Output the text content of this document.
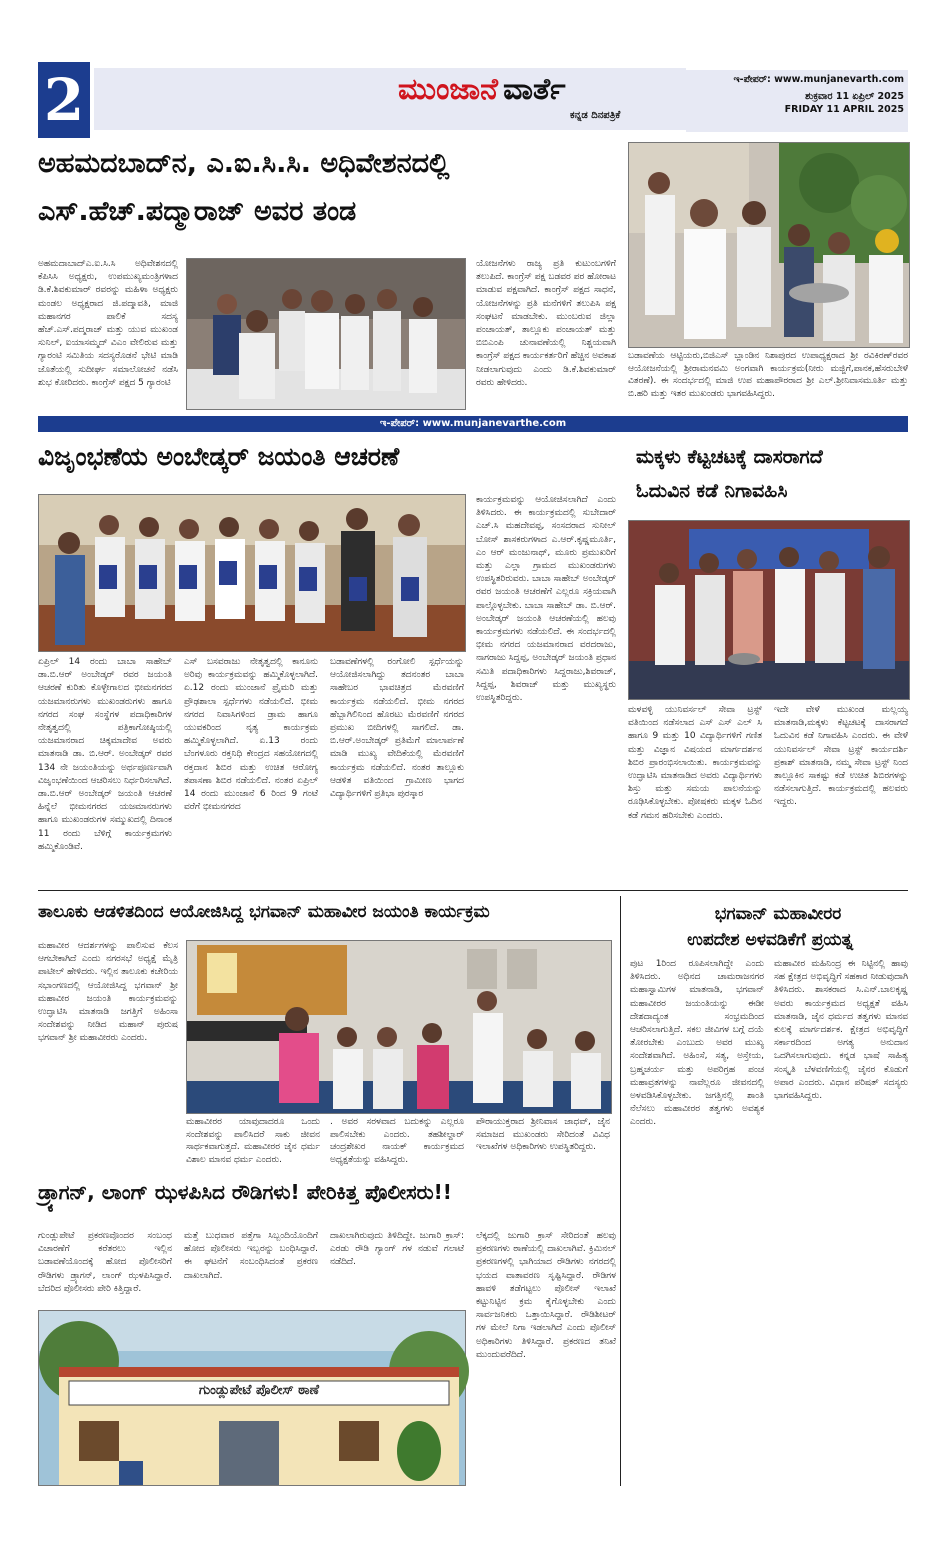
2	ಮುಂಜಾನೆ ವಾರ್ತೆ
ಕನ್ನಡ ದಿನಪತ್ರಿಕೆ
ಇ-ಪೇಪರ್: www.munjanevarth.com
ಶುಕ್ರವಾರ 11 ಏಪ್ರಿಲ್ 2025
FRIDAY 11 APRIL 2025
ಅಹಮದಬಾದ್‌ನ, ಎ.ಐ.ಸಿ.ಸಿ. ಅಧಿವೇಶನದಲ್ಲಿ
ಎಸ್.ಹೆಚ್.ಪದ್ಮಾರಾಜ್ ಅವರ ತಂಡ
ಅಹಮದಾಬಾದ್‌ಎ.ಐ.ಸಿ.ಸಿ ಅಧಿವೇಶನದಲ್ಲಿ ಕೆಪಿಸಿಸಿ ಅಧ್ಯಕ್ಷರು, ಉಪಮುಖ್ಯಮಂತ್ರಿಗಳಾದ ಡಿ.ಕೆ.ಶಿವಕುಮಾರ್ ರವರನ್ನು ಮಹಿಳಾ ಅಧ್ಯಕ್ಷರು ಮಂಡಲ ಅಧ್ಯಕ್ಷರಾದ ಜಿ.ಪದ್ಮಾವತಿ, ಮಾಜಿ ಮಹಾನಗರ ಪಾಲಿಕೆ ಸದಸ್ಯ ಹೆಚ್.ಎಸ್.ಪದ್ಮರಾಜ್ ಮತ್ತು ಯುವ ಮುಖಂಡ ಸುನಿಲ್, ಐಯಾಸಮ್ಮದ್ ವಿಎಂ ವೇಲಿರುವ ಮತ್ತು ಗ್ಯಾರಂಟಿ ಸಮಿತಿಯ ಸದಸ್ಯರೊಡನೆ ಭೇಟಿ ಮಾಡಿ ಜೊತೆಯಲ್ಲಿ ಸುದೀರ್ಘ ಸಮಾಲೋಚನೆ ನಡೆಸಿ ಶುಭ ಕೋರಿದರು. ಕಾಂಗ್ರೆಸ್ ಪಕ್ಷದ 5 ಗ್ಯಾರಂಟಿ
ಯೋಜನೆಗಳು ರಾಜ್ಯ ಪ್ರತಿ ಕುಟುಂಬಗಳಿಗೆ ತಲುಪಿದೆ. ಕಾಂಗ್ರೆಸ್ ಪಕ್ಷ ಬಡವರ ಪರ ಹೋರಾಟ ಮಾಡುವ ಪಕ್ಷವಾಗಿದೆ. ಕಾಂಗ್ರೆಸ್ ಪಕ್ಷದ ಸಾಧನೆ, ಯೋಜನೆಗಳನ್ನು ಪ್ರತಿ ಮನೆಗಳಿಗೆ ತಲುಪಿಸಿ ಪಕ್ಷ ಸಂಘಟನೆ ಮಾಡಬೇಕು. ಮುಂಬರುವ ಜಿಲ್ಲಾ ಪಂಚಾಯತ್, ತಾಲ್ಲೂಕು ಪಂಚಾಯತ್ ಮತ್ತು ಬಿಬಿಎಂಪಿ ಚುನಾವಣೆಯಲ್ಲಿ ನಿಶ್ಚಯವಾಗಿ ಕಾಂಗ್ರೆಸ್ ಪಕ್ಷದ ಕಾರ್ಯಕರ್ತರಿಗೆ ಹೆಚ್ಚಿನ ಅವಕಾಶ ನೀಡಲಾಗುವುದು ಎಂದು ಡಿ.ಕೆ.ಶಿವಕುಮಾರ್ ರವರು ಹೇಳಿದರು.
ಬಡಾವಣೆಯ ಆಟ್ಟಿಯರು,ಬಿಜಿಎಸ್ ಬ್ಲಾಂಡಿನ ನಿಶಾಪುರದ ಉಪಾಧ್ಯಕ್ಷರಾದ ಶ್ರೀ ರವಿಕಿರಣ್‌ರವರ ಆಯೋಜನೆಯಲ್ಲಿ ಶ್ರೀರಾಮನವಮಿ ಅಂಗವಾಗಿ ಕಾರ್ಯಕ್ರಮ(ನೀರು ಮಜ್ಜಿಗೆ,ಪಾನಕ,ಹೆಸರುಬೇಳೆ ವಿತರಣೆ). ಈ ಸಂದರ್ಭದಲ್ಲಿ ಮಾಜಿ ಉಪ ಮಹಾಪೌರರಾದ ಶ್ರೀ ಎಲ್.ಶ್ರೀನಿವಾಸಮೂರ್ತಿ ಮತ್ತು ಬಿ.ಹರಿ ಮತ್ತು ಇತರ ಮುಖಂಡರು ಭಾಗವಹಿಸಿದ್ದರು.
ಇ-ಪೇಪರ್: www.munjanevarthe.com
ವಿಜೃಂಭಣೆಯ ಅಂಬೇಡ್ಕರ್ ಜಯಂತಿ ಆಚರಣೆ
ಕಾರ್ಯಕ್ರಮವನ್ನು ಆಯೋಜಿಸಲಾಗಿದೆ ಎಂದು ತಿಳಿಸಿದರು. ಈ ಕಾರ್ಯಕ್ರಮದಲ್ಲಿ ಸುಬೇದಾರ್ ಎಚ್.ಸಿ ಮಹದೇವಪ್ಪ, ಸಂಸದರಾದ ಸುನೀಲ್ ಬೋಸ್ ಶಾಸಕರುಗಳಾದ ಎ.ಆರ್.ಕೃಷ್ಣಮೂರ್ತಿ, ಎಂ ಆರ್ ಮಂಜುನಾಥ್, ಮೂರು ಪ್ರಮುಖರಿಗೆ ಮತ್ತು ಎಲ್ಲಾ ಗ್ರಾಮದ ಮುಖಂಡರುಗಳು ಉಪಸ್ಥಿತರಿರುವರು. ಬಾಬಾ ಸಾಹೇಬ್ ಅಂಬೇಡ್ಕರ್ ರವರ ಜಯಂತಿ ಆಚರಣೆಗೆ ಎಲ್ಲರೂ ಸಕ್ರಿಯವಾಗಿ ಪಾಲ್ಗೊಳ್ಳಬೇಕು. ಬಾಬಾ ಸಾಹೇಬ್ ಡಾ. ಬಿ.ಆರ್. ಅಂಬೇಡ್ಕರ್ ಜಯಂತಿ ಆಚರಣೆಯಲ್ಲಿ ಹಲವು ಕಾರ್ಯಕ್ರಮಗಳು ನಡೆಯಲಿದೆ. ಈ ಸಂದರ್ಭದಲ್ಲಿ ಭೀಮ ನಗರದ ಯಜಮಾನರಾದ ವರದರಾಜು, ನಾಗರಾಜು ಸಿದ್ದಪ್ಪ, ಅಂಬೇಡ್ಕರ್ ಜಯಂತಿ ಪ್ರಧಾನ ಸಮಿತಿ ಪದಾಧಿಕಾರಿಗಳು ಸಿದ್ದರಾಜು,ಶಿವರಾಜ್, ಸಿದ್ದಪ್ಪ, ಶಿವರಾಜ್ ಮತ್ತು ಮುಖ್ಯಸ್ಥರು ಉಪಸ್ಥಿತರಿದ್ದರು.
ಏಪ್ರಿಲ್ 14 ರಂದು ಬಾಬಾ ಸಾಹೇಬ್ ಡಾ.ಬಿ.ಆರ್ ಅಂಬೇಡ್ಕರ್ ರವರ ಜಯಂತಿ ಆಚರಣೆ ಕುರಿತು ಕೊಳ್ಳೇಗಾಲದ ಭೀಮನಗರದ ಯಜಮಾನರುಗಳು ಮುಖಂಡರುಗಳು ಹಾಗೂ ನಗರದ ಸಂಘ ಸಂಸ್ಥೆಗಳ ಪದಾಧಿಕಾರಿಗಳ ನೇತೃತ್ವದಲ್ಲಿ ಪತ್ರಿಕಾಗೋಷ್ಠಿಯಲ್ಲಿ ಯಜಮಾನರಾದ ಚಿಕ್ಕಮಾದೇವ ಅವರು ಮಾತನಾಡಿ ಡಾ. ಬಿ.ಆರ್. ಅಂಬೇಡ್ಕರ್ ರವರ 134 ನೇ ಜಯಂತಿಯನ್ನು ಅರ್ಥಪೂರ್ಣವಾಗಿ ವಿಜೃಂಭಣೆಯಿಂದ ಆಚರಿಸಲು ನಿರ್ಧರಿಸಲಾಗಿದೆ. ಡಾ.ಬಿ.ಆರ್ ಅಂಬೇಡ್ಕರ್ ಜಯಂತಿ ಆಚರಣೆ ಹಿನ್ನೆಲೆ ಭೀಮನಗರದ ಯಜಮಾನರುಗಳು ಹಾಗೂ ಮುಖಂಡರುಗಳ ಸಮ್ಮುಖದಲ್ಲಿ ದಿನಾಂಕ 11 ರಂದು ಬೆಳಿಗ್ಗೆ ಕಾರ್ಯಕ್ರಮಗಳು ಹಮ್ಮಿಕೊಂಡಿವೆ.
ಎಸ್ ಬಸವರಾಜು ನೇತೃತ್ವದಲ್ಲಿ ಕಾನೂನು ಅರಿವು ಕಾರ್ಯಕ್ರಮವನ್ನು ಹಮ್ಮಿಕೊಳ್ಳಲಾಗಿದೆ. ಏ.12 ರಂದು ಮುಂಜಾನೆ ಪ್ರೈಮರಿ ಮತ್ತು ಪ್ರೌಢಶಾಲಾ ಸ್ಪರ್ಧೆಗಳು ನಡೆಯಲಿದೆ. ಭೀಮ ನಗರದ ನಿವಾಸಿಗಳಿಂದ ಡ್ರಾಮ ಹಾಗೂ ಯುವಕರಿಂದ ನೃತ್ಯ ಕಾರ್ಯಕ್ರಮ ಹಮ್ಮಿಕೊಳ್ಳಲಾಗಿದೆ. ಏ.13 ರಂದು ಬೆಂಗಳೂರು ರಕ್ತನಿಧಿ ಕೇಂದ್ರದ ಸಹಯೋಗದಲ್ಲಿ ರಕ್ತದಾನ ಶಿಬಿರ ಮತ್ತು ಉಚಿತ ಆರೋಗ್ಯ ತಪಾಸಣಾ ಶಿಬಿರ ನಡೆಯಲಿದೆ. ನಂತರ ಏಪ್ರಿಲ್ 14 ರಂದು ಮುಂಜಾನೆ 6 ರಿಂದ 9 ಗಂಟೆ ವರೆಗೆ ಭೀಮನಗರದ
ಬಡಾವಣೆಗಳಲ್ಲಿ ರಂಗೋಲಿ ಸ್ಪರ್ಧೆಯನ್ನು ಆಯೋಜಿಸಲಾಗಿದ್ದು ತದನಂತರ ಬಾಬಾ ಸಾಹೇಬರ ಭಾವಚಿತ್ರದ ಮೆರವಣಿಗೆ ಕಾರ್ಯಕ್ರಮ ನಡೆಯಲಿದೆ. ಭೀಮ ನಗರದ ಹೆಬ್ಬಾಗಿಲಿನಿಂದ ಹೊರಟು ಮೆರವಣಿಗೆ ನಗರದ ಪ್ರಮುಖ ಬೀದಿಗಳಲ್ಲಿ ಸಾಗಲಿದೆ. ಡಾ. ಬಿ.ಆರ್.ಅಂಬೇಡ್ಕರ್ ಪ್ರತಿಮೆಗೆ ಮಾಲಾರ್ಪಣೆ ಮಾಡಿ ಮುಖ್ಯ ವೇದಿಕೆಯಲ್ಲಿ ಮೆರವಣಿಗೆ ಕಾರ್ಯಕ್ರಮ ನಡೆಯಲಿದೆ. ನಂತರ ತಾಲ್ಲೂಕು ಆಡಳಿತ ವತಿಯಿಂದ ಗ್ರಾಮೀಣ ಭಾಗದ ವಿದ್ಯಾರ್ಥಿಗಳಿಗೆ ಪ್ರತಿಭಾ ಪುರಸ್ಕಾರ
ಮಕ್ಕಳು ಕೆಟ್ಟಚಟಕ್ಕೆ ದಾಸರಾಗದೆ
ಓದುವಿನ ಕಡೆ ನಿಗಾವಹಿಸಿ
ಮಳವಳ್ಳಿ ಯುನಿವರ್ಸಲ್ ಸೇವಾ ಟ್ರಸ್ಟ್ ವತಿಯಿಂದ ನಡೆಸಲಾದ ಎಸ್ ಎಸ್ ಎಲ್ ಸಿ ಹಾಗೂ 9 ಮತ್ತು 10 ವಿದ್ಯಾರ್ಥಿಗಳಿಗೆ ಗಣಿತ ಮತ್ತು ವಿಜ್ಞಾನ ವಿಷಯದ ಮಾರ್ಗದರ್ಶನ ಶಿಬಿರ ಪ್ರಾರಂಭಿಸಲಾಯಿತು. ಕಾರ್ಯಕ್ರಮವನ್ನು ಉದ್ಘಾಟಿಸಿ ಮಾತನಾಡಿದ ಅವರು ವಿದ್ಯಾರ್ಥಿಗಳು ಶಿಸ್ತು ಮತ್ತು ಸಮಯ ಪಾಲನೆಯನ್ನು ರೂಢಿಸಿಕೊಳ್ಳಬೇಕು. ಪೋಷಕರು ಮಕ್ಕಳ ಓದಿನ ಕಡೆ ಗಮನ ಹರಿಸಬೇಕು ಎಂದರು.
ಇದೇ ವೇಳೆ ಮುಖಂಡ ಮಲ್ಲಯ್ಯ ಮಾತನಾಡಿ,ಮಕ್ಕಳು ಕೆಟ್ಟಚಟಕ್ಕೆ ದಾಸರಾಗದೆ ಓದುವಿನ ಕಡೆ ನಿಗಾವಹಿಸಿ ಎಂದರು. ಈ ವೇಳೆ ಯುನಿವರ್ಸಲ್ ಸೇವಾ ಟ್ರಸ್ಟ್ ಕಾರ್ಯದರ್ಶಿ ಪ್ರಕಾಶ್ ಮಾತನಾಡಿ, ನಮ್ಮ ಸೇವಾ ಟ್ರಸ್ಟ್ ನಿಂದ ತಾಲ್ಲೂಕಿನ ಸಾಕಷ್ಟು ಕಡೆ ಉಚಿತ ಶಿಬಿರಗಳನ್ನು ನಡೆಸಲಾಗುತ್ತಿದೆ. ಕಾರ್ಯಕ್ರಮದಲ್ಲಿ ಹಲವರು ಇದ್ದರು.
ತಾಲೂಕು ಆಡಳಿತದಿಂದ ಆಯೋಜಿಸಿದ್ದ ಭಗವಾನ್ ಮಹಾವೀರ ಜಯಂತಿ ಕಾರ್ಯಕ್ರಮ
ಮಹಾವೀರ ಆದರ್ಶಗಳನ್ನು ಪಾಲಿಸುವ ಕೆಲಸ ಆಗಬೇಕಾಗಿದೆ ಎಂದು ನಗರಸಭೆ ಅಧ್ಯಕ್ಷೆ ಮೈತ್ರಿ ಪಾಟೀಲ್ ಹೇಳಿದರು. ಇಲ್ಲಿನ ತಾಲೂಕು ಕಚೇರಿಯ ಸಭಾಂಗಣದಲ್ಲಿ ಆಯೋಜಿಸಿದ್ದ ಭಗವಾನ್ ಶ್ರೀ ಮಹಾವೀರ ಜಯಂತಿ ಕಾರ್ಯಕ್ರಮವನ್ನು ಉದ್ಘಾಟಿಸಿ ಮಾತನಾಡಿ ಜಗತ್ತಿಗೆ ಅಹಿಂಸಾ ಸಂದೇಶವನ್ನು ನೀಡಿದ ಮಹಾನ್ ಪುರುಷ ಭಗವಾನ್ ಶ್ರೀ ಮಹಾವೀರರು ಎಂದರು.
ಮಹಾವೀರರ ಯಾವುದಾದರೂ ಒಂದು ಸಂದೇಶವನ್ನು ಪಾಲಿಸಿದರೆ ಸಾಕು ಜೀವನ ಸಾರ್ಥಕವಾಗುತ್ತದೆ. ಮಹಾವೀರರ ಜೈನ ಧರ್ಮ ವಿಶಾಲ ಮಾನವ ಧರ್ಮ ಎಂದರು.
. ಅವರ ಸರಳವಾದ ಬದುಕನ್ನು ಎಲ್ಲರೂ ಪಾಲಿಸಬೇಕು ಎಂದರು. ತಹಶೀಲ್ದಾರ್ ಚಂದ್ರಶೇಖರ ನಾಯಕ್ ಕಾರ್ಯಕ್ರಮದ ಅಧ್ಯಕ್ಷತೆಯನ್ನು ವಹಿಸಿದ್ದರು.
ಪೌರಾಯುಕ್ತರಾದ ಶ್ರೀನಿವಾಸ ಜಾಧವ್, ಜೈನ ಸಮಾಜದ ಮುಖಂಡರು ಸೇರಿದಂತೆ ವಿವಿಧ ಇಲಾಖೆಗಳ ಅಧಿಕಾರಿಗಳು ಉಪಸ್ಥಿತರಿದ್ದರು.
ಭಗವಾನ್ ಮಹಾವೀರರ
ಉಪದೇಶ ಅಳವಡಿಕೆಗೆ ಪ್ರಯತ್ನ
ಪುಟ 1ರಿಂದ ರೂಪಿಸಲಾಗಿದ್ದೇ ಎಂದು ತಿಳಿಸಿದರು. ಅಧಿನದ ಚಾಮರಾಜನಗರ ಮಹಾಸ್ವಾಮಿಗಳ ಮಾತನಾಡಿ, ಭಗವಾನ್ ಮಹಾವೀರರ ಜಯಂತಿಯನ್ನು ಈಡೀ ದೇಶದಾದ್ಯಂತ ಸಂಭ್ರಮದಿಂದ ಆಚರಿಸಲಾಗುತ್ತಿದೆ. ಸಕಲ ಜೀವಿಗಳ ಬಗ್ಗೆ ದಯೆ ತೋರಬೇಕು ಎಂಬುದು ಅವರ ಮುಖ್ಯ ಸಂದೇಶವಾಗಿದೆ. ಅಹಿಂಸೆ, ಸತ್ಯ, ಅಸ್ತೇಯ, ಬ್ರಹ್ಮಚರ್ಯ ಮತ್ತು ಅಪರಿಗ್ರಹ ಪಂಚ ಮಹಾವ್ರತಗಳನ್ನು ನಾವೆಲ್ಲರೂ ಜೀವನದಲ್ಲಿ ಅಳವಡಿಸಿಕೊಳ್ಳಬೇಕು. ಜಗತ್ತಿನಲ್ಲಿ ಶಾಂತಿ ನೆಲೆಸಲು ಮಹಾವೀರರ ತತ್ವಗಳು ಅವಶ್ಯಕ ಎಂದರು.
ಮಹಾವೀರ ಮಹಿನಿಂದ್ರ ಈ ನಿಟ್ಟಿನಲ್ಲಿ ಹಾವು ಸಹ ಕ್ಷೇತ್ರದ ಅಭಿವೃದ್ಧಿಗೆ ಸಹಕಾರ ನೀಡುವುದಾಗಿ ತಿಳಿಸಿದರು. ಶಾಸಕರಾದ ಸಿ.ಎನ್.ಬಾಲಕೃಷ್ಣ ಅವರು ಕಾರ್ಯಕ್ರಮದ ಅಧ್ಯಕ್ಷತೆ ವಹಿಸಿ ಮಾತನಾಡಿ, ಜೈನ ಧರ್ಮದ ತತ್ವಗಳು ಮಾನವ ಕುಲಕ್ಕೆ ಮಾರ್ಗದರ್ಶಕ. ಕ್ಷೇತ್ರದ ಅಭಿವೃದ್ಧಿಗೆ ಸರ್ಕಾರದಿಂದ ಅಗತ್ಯ ಅನುದಾನ ಒದಗಿಸಲಾಗುವುದು. ಕನ್ನಡ ಭಾಷೆ ಸಾಹಿತ್ಯ ಸಂಸ್ಕೃತಿ ಬೆಳವಣಿಗೆಯಲ್ಲಿ ಜೈನರ ಕೊಡುಗೆ ಅಪಾರ ಎಂದರು. ವಿಧಾನ ಪರಿಷತ್ ಸದಸ್ಯರು ಭಾಗವಹಿಸಿದ್ದರು.
ಡ್ರ್ಯಾಗನ್, ಲಾಂಗ್ ಝಳಪಿಸಿದ ರೌಡಿಗಳು! ಪೇರಿಕಿತ್ತ ಪೊಲೀಸರು!!
ಗುಂಡ್ಲುಪೇಟೆ ಪ್ರಕರಣವೊಂದರ ಸಂಬಂಧ ವಿಚಾರಣೆಗೆ ಕರೆತರಲು ಇಲ್ಲಿನ ಬಡಾವಣೆಯೊಂದಕ್ಕೆ ಹೋದ ಪೊಲೀಸರಿಗೆ ರೌಡಿಗಳು ಡ್ರ್ಯಾಗನ್, ಲಾಂಗ್ ಝಳಪಿಸಿದ್ದಾರೆ. ಬೆದರಿದ ಪೊಲೀಸರು ಪೇರಿ ಕಿತ್ತಿದ್ದಾರೆ.
ಮತ್ತೆ ಬುಧವಾರ ಪತ್ತೆಗಾ ಸಿಬ್ಬಂದಿಯೊಂದಿಗೆ ಹೋದ ಪೊಲೀಸರು ಇಬ್ಬರನ್ನು ಬಂಧಿಸಿದ್ದಾರೆ. ಈ ಘಟನೆಗೆ ಸಂಬಂಧಿಸಿದಂತೆ ಪ್ರಕರಣ ದಾಖಲಾಗಿದೆ.
ದಾಖಲಾಗಿರುವುದು ತಿಳಿದಿದ್ದೇ. ಜುಗಾರಿ ಕ್ರಾಸ್: ಎರಡು ರೌಡಿ ಗ್ಯಾಂಗ್ ಗಳ ನಡುವೆ ಗಲಾಟೆ ನಡೆದಿದೆ.
ಲೆಕ್ಕದಲ್ಲಿ ಜುಗಾರಿ ಕ್ರಾಸ್ ಸೇರಿದಂತೆ ಹಲವು ಪ್ರಕರಣಗಳು ಠಾಣೆಯಲ್ಲಿ ದಾಖಲಾಗಿವೆ. ಕ್ರಿಮಿನಲ್ ಪ್ರಕರಣಗಳಲ್ಲಿ ಭಾಗಿಯಾದ ರೌಡಿಗಳು ನಗರದಲ್ಲಿ ಭಯದ ವಾತಾವರಣ ಸೃಷ್ಟಿಸಿದ್ದಾರೆ. ರೌಡಿಗಳ ಹಾವಳಿ ತಡೆಗಟ್ಟಲು ಪೊಲೀಸ್ ಇಲಾಖೆ ಕಟ್ಟುನಿಟ್ಟಿನ ಕ್ರಮ ಕೈಗೊಳ್ಳಬೇಕು ಎಂದು ಸಾರ್ವಜನಿಕರು ಒತ್ತಾಯಿಸಿದ್ದಾರೆ. ರೌಡಿಶೀಟರ್ ಗಳ ಮೇಲೆ ನಿಗಾ ಇಡಲಾಗಿದೆ ಎಂದು ಪೊಲೀಸ್ ಅಧಿಕಾರಿಗಳು ತಿಳಿಸಿದ್ದಾರೆ. ಪ್ರಕರಣದ ತನಿಖೆ ಮುಂದುವರೆದಿದೆ.
ಗುಂಡ್ಲುಪೇಟೆ ಪೊಲೀಸ್ ಠಾಣೆ
